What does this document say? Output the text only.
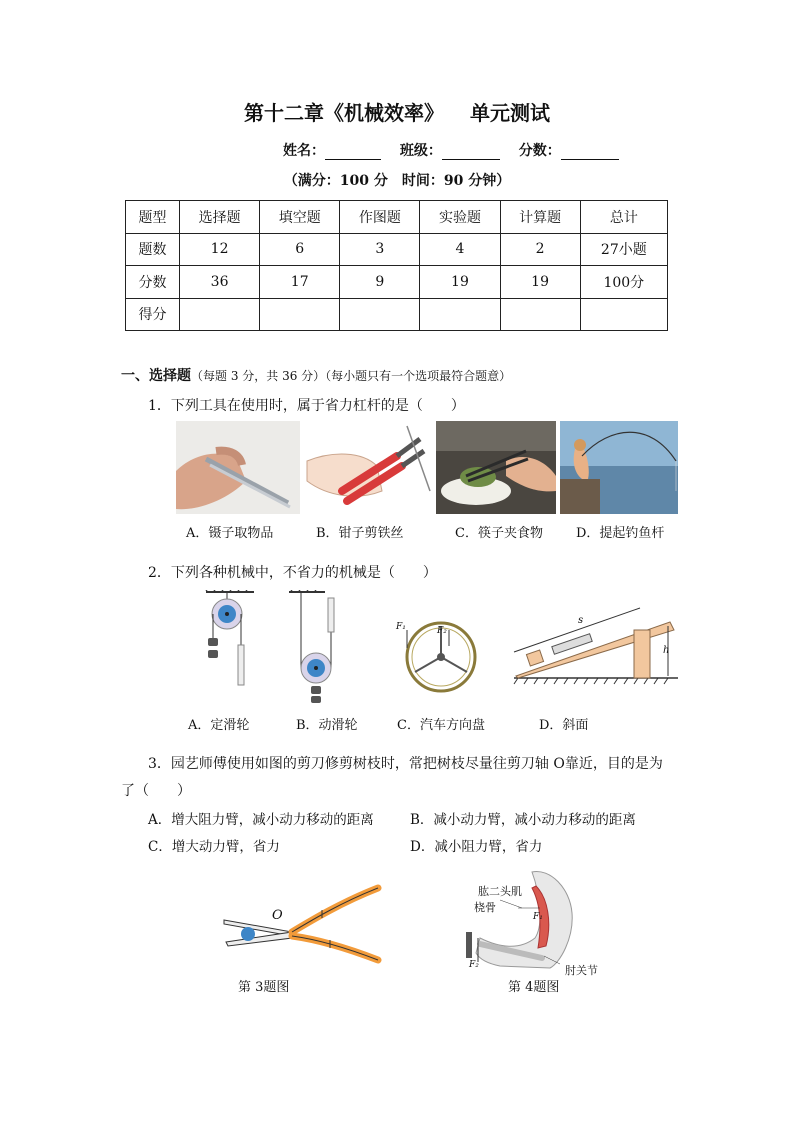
第十二章《机械效率》 单元测试
姓名：	班级：	分数：
（满分：100 分　时间：90 分钟）
题型	选择题	填空题	作图题	实验题	计算题	总计
题数	12	6	3	4	2	27小题
分数	36	17	9	19	19	100分
得分						
一、选择题（每题 3 分，共 36 分）（每小题只有一个选项最符合题意）
1．下列工具在使用时，属于省力杠杆的是（　　）
A．镊子取物品	B．钳子剪铁丝	C．筷子夹食物	D．提起钓鱼杆
2．下列各种机械中，不省力的机械是（　　）
F₁	F₂
s
h
A．定滑轮	B．动滑轮	C．汽车方向盘	D．斜面
3．园艺师傅使用如图的剪刀修剪树枝时，常把树枝尽量往剪刀轴 O靠近，目的是为
了（　　）
A．增大阻力臂，减小动力移动的距离	B．减小动力臂，减小动力移动的距离
C．增大动力臂，省力	D．减小阻力臂，省力
O
第 3题图
肱二头肌
桡骨
F₂
F₁
肘关节
第 4题图
